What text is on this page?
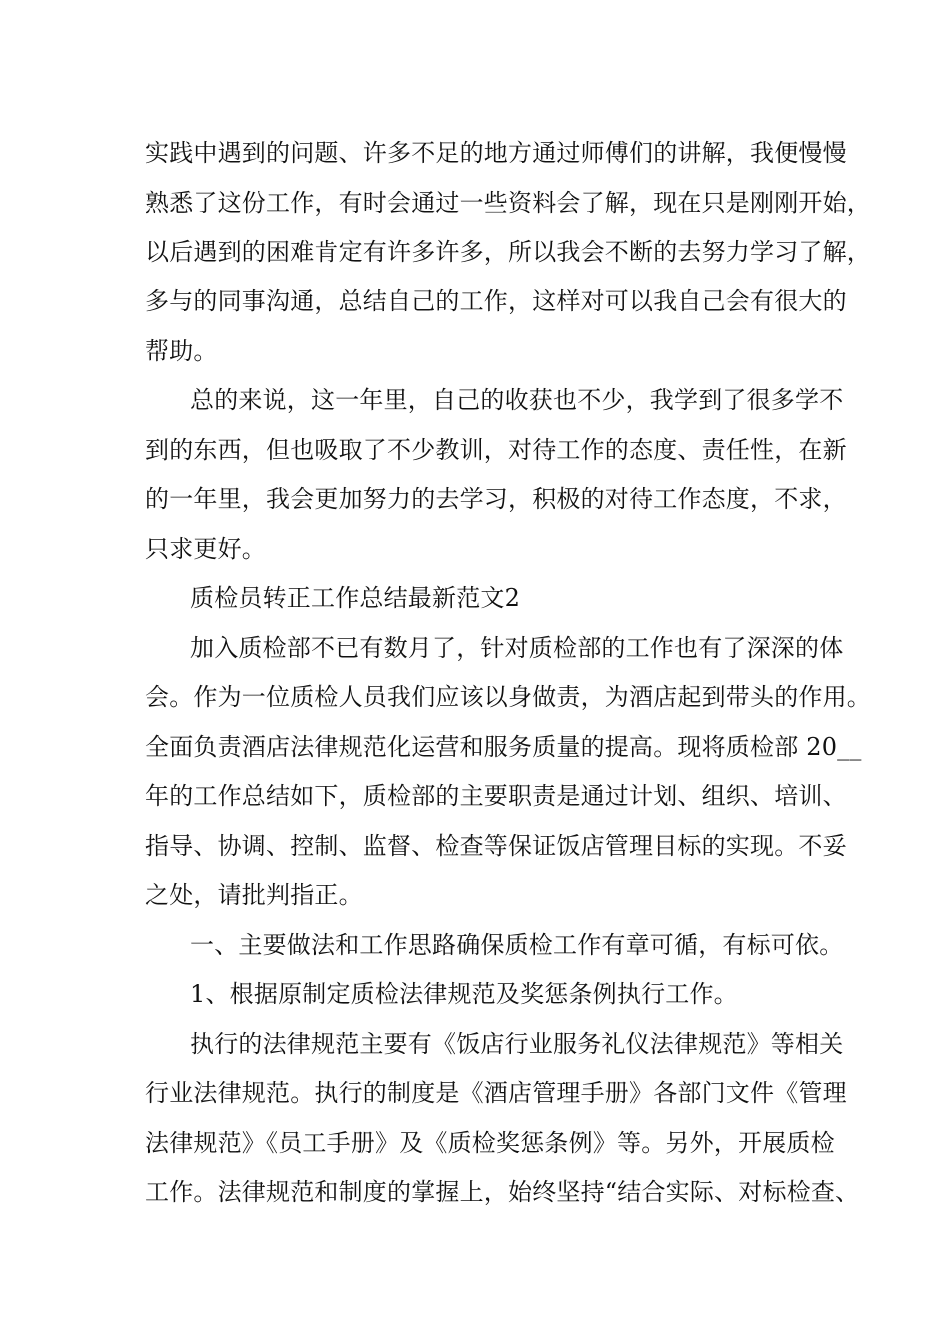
实践中遇到的问题、许多不足的地方通过师傅们的讲解，我便慢慢
熟悉了这份工作，有时会通过一些资料会了解，现在只是刚刚开始，
以后遇到的困难肯定有许多许多，所以我会不断的去努力学习了解，
多与的同事沟通，总结自己的工作，这样对可以我自己会有很大的
帮助。
总的来说，这一年里，自己的收获也不少，我学到了很多学不
到的东西，但也吸取了不少教训，对待工作的态度、责任性，在新
的一年里，我会更加努力的去学习，积极的对待工作态度，不求，
只求更好。
质检员转正工作总结最新范文2
加入质检部不已有数月了，针对质检部的工作也有了深深的体
会。作为一位质检人员我们应该以身做责，为酒店起到带头的作用。
全面负责酒店法律规范化运营和服务质量的提高。现将质检部 20__
年的工作总结如下，质检部的主要职责是通过计划、组织、培训、
指导、协调、控制、监督、检查等保证饭店管理目标的实现。不妥
之处，请批判指正。
一、主要做法和工作思路确保质检工作有章可循，有标可依。
1、根据原制定质检法律规范及奖惩条例执行工作。
执行的法律规范主要有《饭店行业服务礼仪法律规范》等相关
行业法律规范。执行的制度是《酒店管理手册》各部门文件《管理
法律规范》《员工手册》及《质检奖惩条例》等。另外，开展质检
工作。法律规范和制度的掌握上，始终坚持“结合实际、对标检查、
